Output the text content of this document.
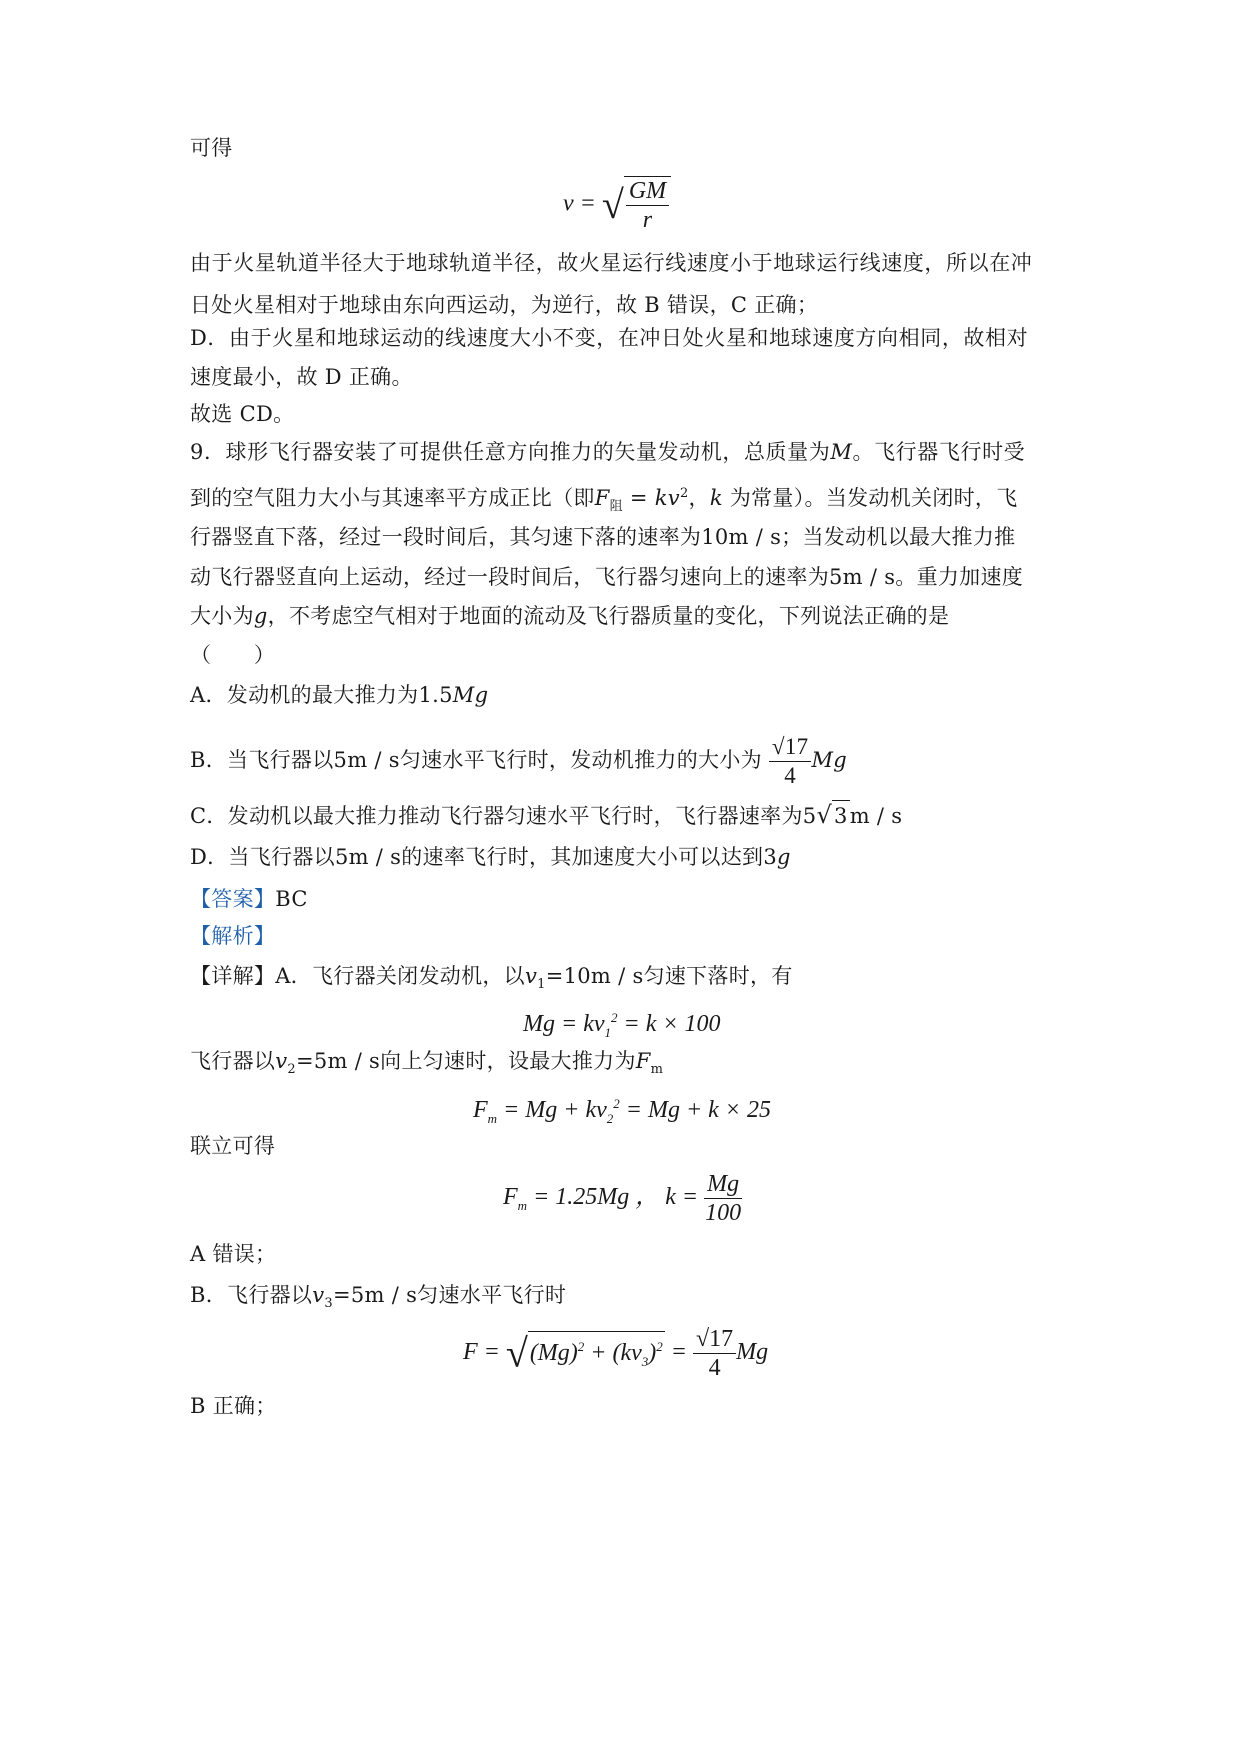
可得
v = √ $\frac{GM}{r}$
由于火星轨道半径大于地球轨道半径，故火星运行线速度小于地球运行线速度，所以在冲
日处火星相对于地球由东向西运动，为逆行，故 B 错误，C 正确；
D．由于火星和地球运动的线速度大小不变，在冲日处火星和地球速度方向相同，故相对
速度最小，故 D 正确。
故选 CD。
9．球形飞行器安装了可提供任意方向推力的矢量发动机，总质量为M。飞行器飞行时受
到的空气阻力大小与其速率平方成正比（即$F_阻 = kv^2$，k 为常量）。当发动机关闭时，飞
行器竖直下落，经过一段时间后，其匀速下落的速率为10m / s；当发动机以最大推力推
动飞行器竖直向上运动，经过一段时间后，飞行器匀速向上的速率为5m / s。重力加速度
大小为g，不考虑空气相对于地面的流动及飞行器质量的变化，下列说法正确的是
（　　）
A．发动机的最大推力为1.5Mg
B．当飞行器以5m / s匀速水平飞行时，发动机推力的大小为 $\frac{√17}{4}$ Mg
C．发动机以最大推力推动飞行器匀速水平飞行时，飞行器速率为5√3m / s
D．当飞行器以5m / s的速率飞行时，其加速度大小可以达到3g
【答案】BC
【解析】
【详解】A．飞行器关闭发动机，以$v_1=10m / s$匀速下落时，有
$Mg = kv_1^2 = k \times 100$
飞行器以$v_2=5m / s$向上匀速时，设最大推力为$F_m$
$F_m = Mg + kv_2^2 = Mg + k \times 25$
联立可得
$F_m = 1.25Mg$ ， $k = \frac{Mg}{100}$
A 错误；
B．飞行器以$v_3=5m / s$匀速水平飞行时
$F = √(Mg)^2 + (kv_3)^2 = \frac{√17}{4}$ Mg
B 正确；
